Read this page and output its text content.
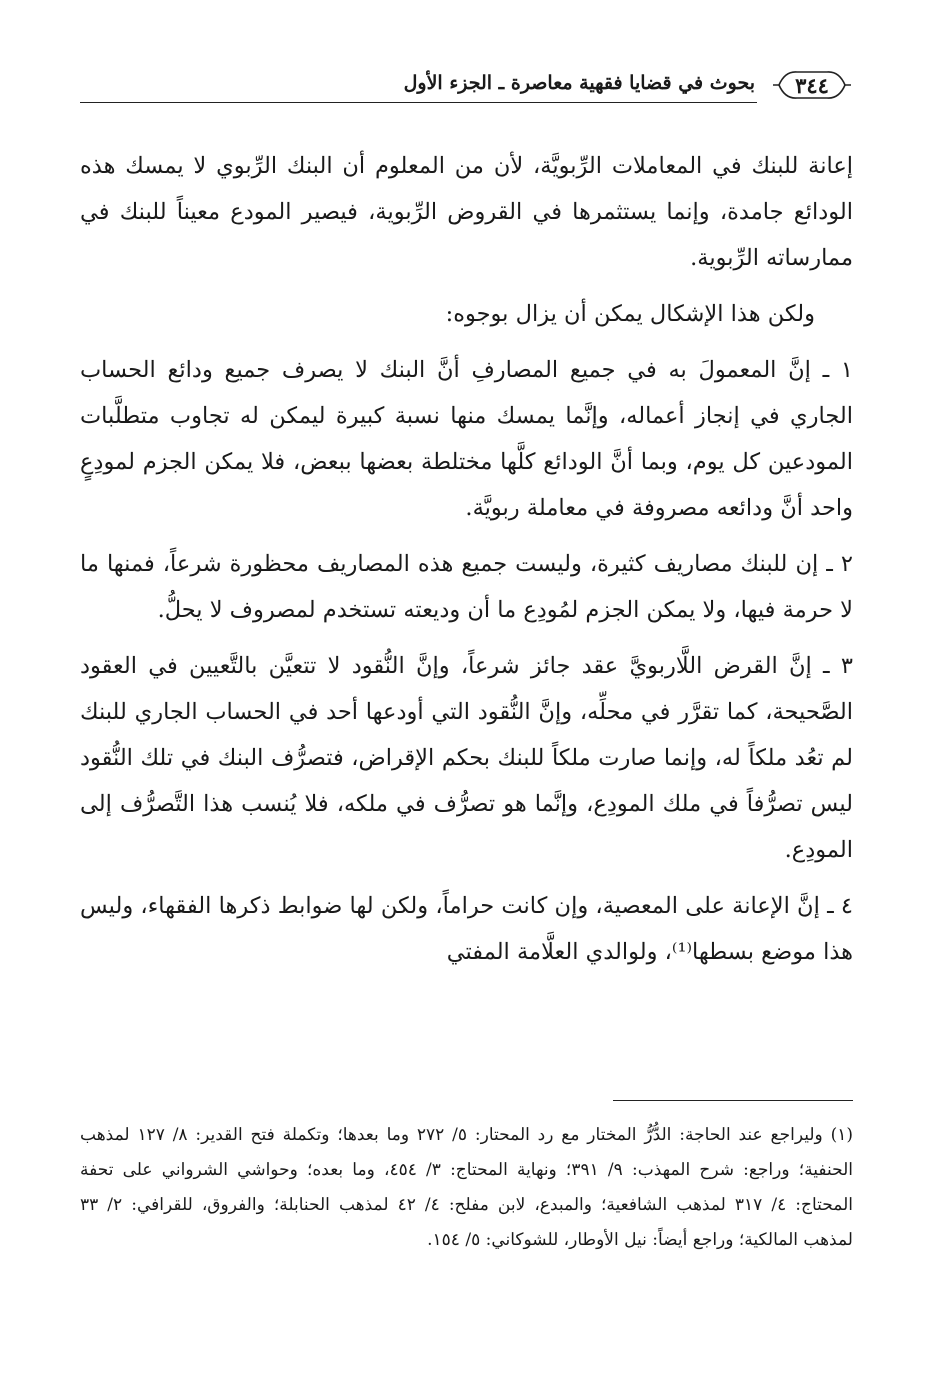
٣٤٤
بحوث في قضايا فقهية معاصرة ـ الجزء الأول

إعانة للبنك في المعاملات الرِّبويَّة، لأن من المعلوم أن البنك الرِّبوي لا يمسك هذه الودائع جامدة، وإنما يستثمرها في القروض الرِّبوية، فيصير المودع معيناً للبنك في ممارساته الرِّبوية.

ولكن هذا الإشكال يمكن أن يزال بوجوه:

١ ـ إنَّ المعمولَ به في جميع المصارفِ أنَّ البنك لا يصرف جميع ودائع الحساب الجاري في إنجاز أعماله، وإنَّما يمسك منها نسبة كبيرة ليمكن له تجاوب متطلَّبات المودعين كل يوم، وبما أنَّ الودائع كلَّها مختلطة بعضها ببعض، فلا يمكن الجزم لمودِعٍ واحد أنَّ ودائعه مصروفة في معاملة ربويَّة.

٢ ـ إن للبنك مصاريف كثيرة، وليست جميع هذه المصاريف محظورة شرعاً، فمنها ما لا حرمة فيها، ولا يمكن الجزم لمُودِع ما أن وديعته تستخدم لمصروف لا يحلُّ.

٣ ـ إنَّ القرض اللَّاربويَّ عقد جائز شرعاً، وإنَّ النُّقود لا تتعيَّن بالتَّعيين في العقود الصَّحيحة، كما تقرَّر في محلِّه، وإنَّ النُّقود التي أودعها أحد في الحساب الجاري للبنك لم تعُد ملكاً له، وإنما صارت ملكاً للبنك بحكم الإقراض، فتصرُّف البنك في تلك النُّقود ليس تصرُّفاً في ملك المودِع، وإنَّما هو تصرُّف في ملكه، فلا يُنسب هذا التَّصرُّف إلى المودِع.

٤ ـ إنَّ الإعانة على المعصية، وإن كانت حراماً، ولكن لها ضوابط ذكرها الفقهاء، وليس هذا موضع بسطها⁽¹⁾، ولوالدي العلَّامة المفتي

(١) وليراجع عند الحاجة: الدُّرُّ المختار مع رد المحتار: ٥/ ٢٧٢ وما بعدها؛ وتكملة فتح القدير: ٨/ ١٢٧ لمذهب الحنفية؛ وراجع: شرح المهذب: ٩/ ٣٩١؛ ونهاية المحتاج: ٣/ ٤٥٤، وما بعده؛ وحواشي الشرواني على تحفة المحتاج: ٤/ ٣١٧ لمذهب الشافعية؛ والمبدع، لابن مفلح: ٤/ ٤٢ لمذهب الحنابلة؛ والفروق، للقرافي: ٢/ ٣٣ لمذهب المالكية؛ وراجع أيضاً: نيل الأوطار، للشوكاني: ٥/ ١٥٤.
